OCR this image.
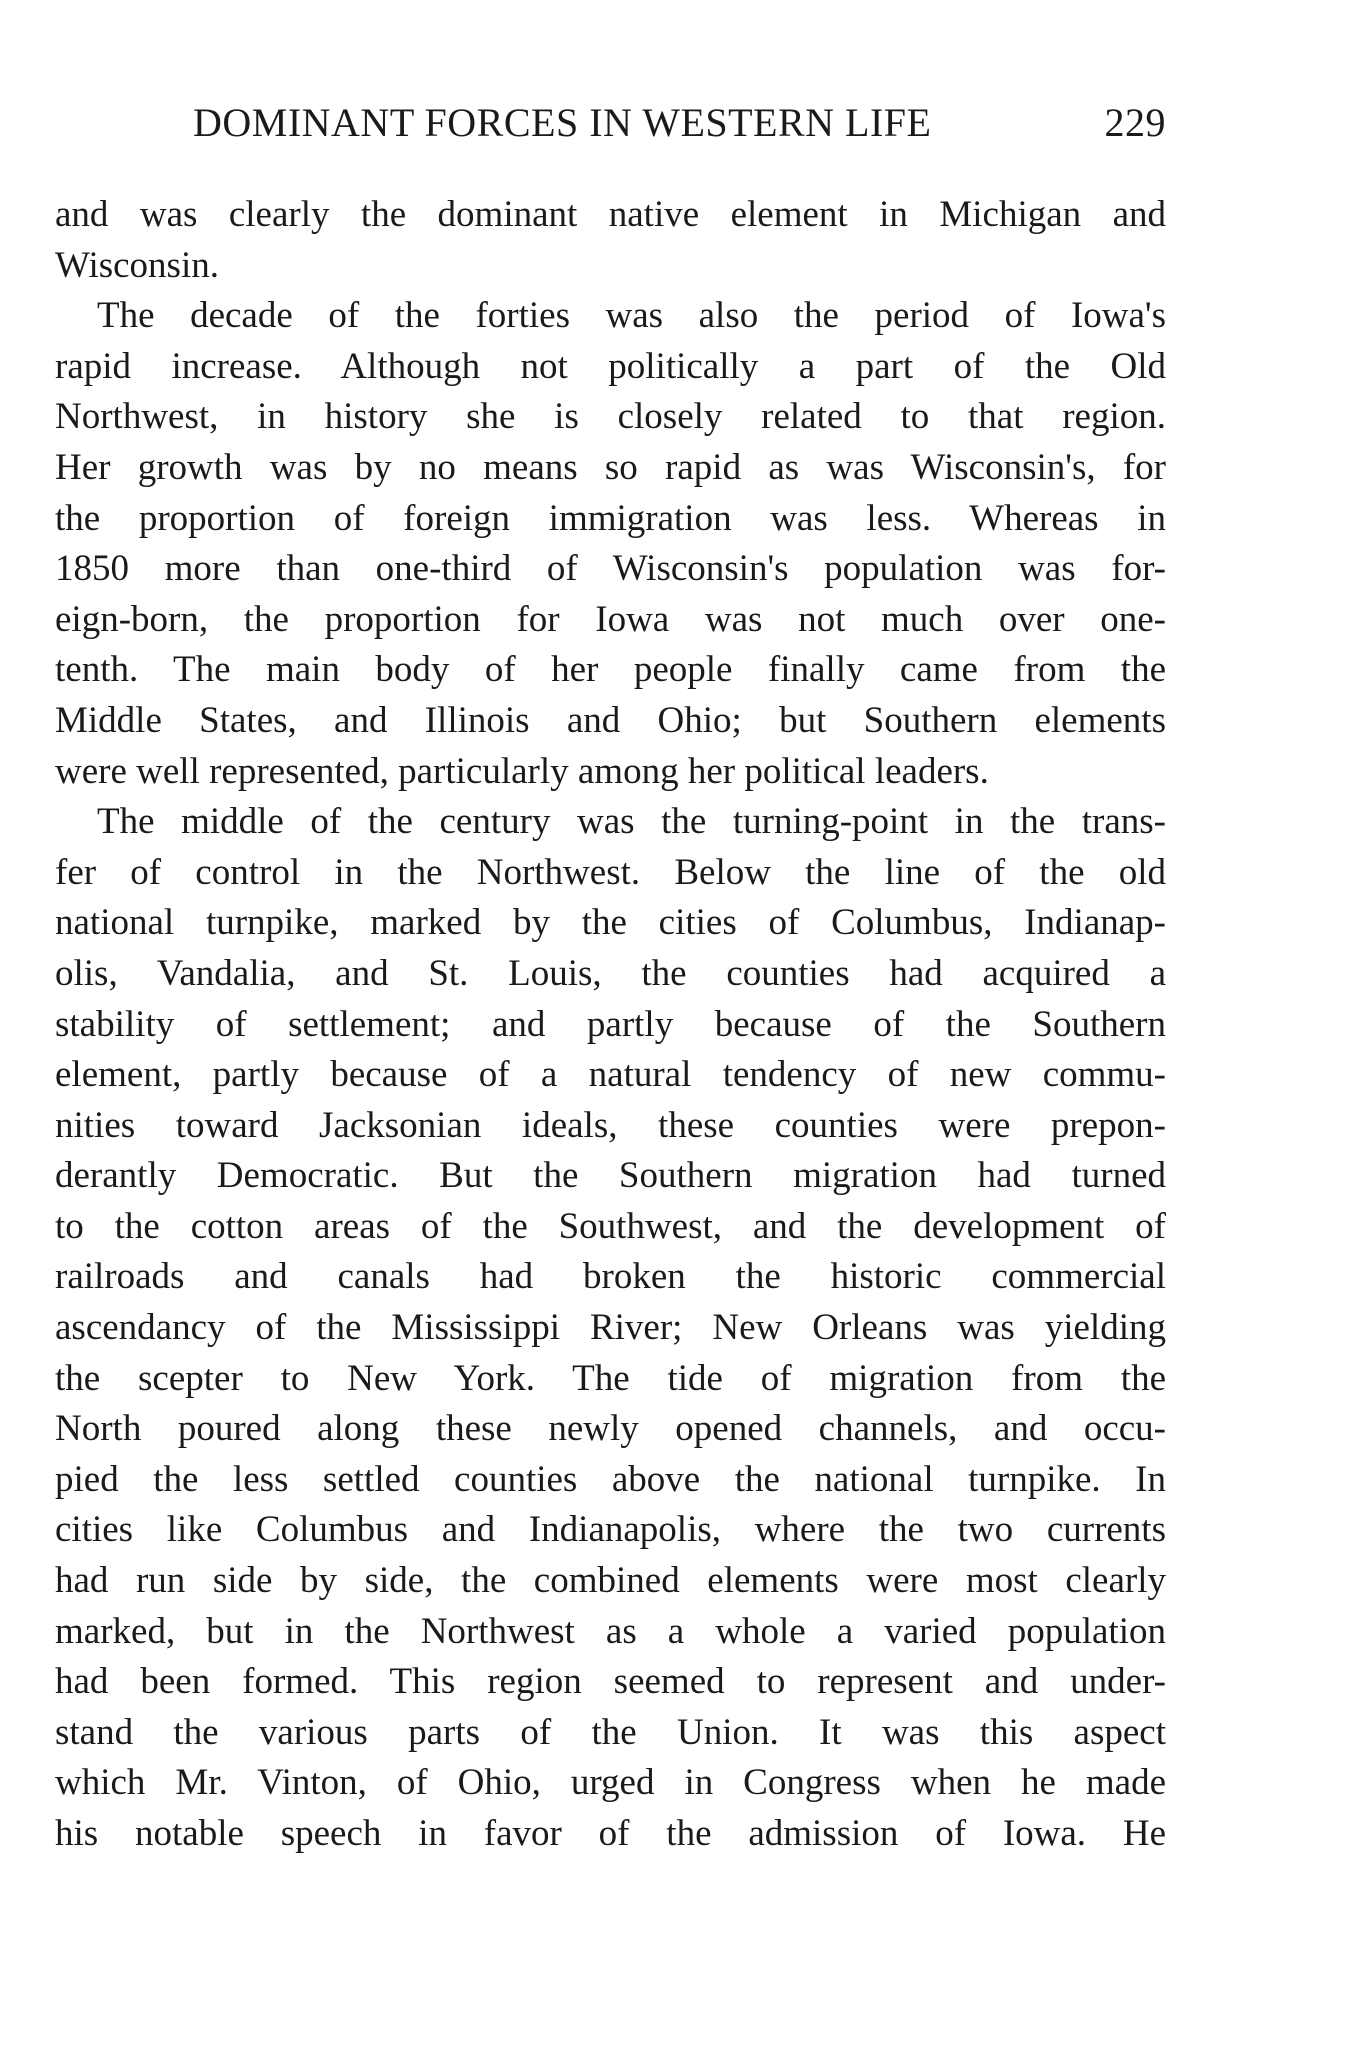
DOMINANT FORCES IN WESTERN LIFE	229
and was clearly the dominant native element in Michigan and
Wisconsin.
The decade of the forties was also the period of Iowa's
rapid increase. Although not politically a part of the Old
Northwest, in history she is closely related to that region.
Her growth was by no means so rapid as was Wisconsin's, for
the proportion of foreign immigration was less. Whereas in
1850 more than one-third of Wisconsin's population was for-
eign-born, the proportion for Iowa was not much over one-
tenth. The main body of her people finally came from the
Middle States, and Illinois and Ohio; but Southern elements
were well represented, particularly among her political leaders.
The middle of the century was the turning-point in the trans-
fer of control in the Northwest. Below the line of the old
national turnpike, marked by the cities of Columbus, Indianap-
olis, Vandalia, and St. Louis, the counties had acquired a
stability of settlement; and partly because of the Southern
element, partly because of a natural tendency of new commu-
nities toward Jacksonian ideals, these counties were prepon-
derantly Democratic. But the Southern migration had turned
to the cotton areas of the Southwest, and the development of
railroads and canals had broken the historic commercial
ascendancy of the Mississippi River; New Orleans was yielding
the scepter to New York. The tide of migration from the
North poured along these newly opened channels, and occu-
pied the less settled counties above the national turnpike. In
cities like Columbus and Indianapolis, where the two currents
had run side by side, the combined elements were most clearly
marked, but in the Northwest as a whole a varied population
had been formed. This region seemed to represent and under-
stand the various parts of the Union. It was this aspect
which Mr. Vinton, of Ohio, urged in Congress when he made
his notable speech in favor of the admission of Iowa. He
